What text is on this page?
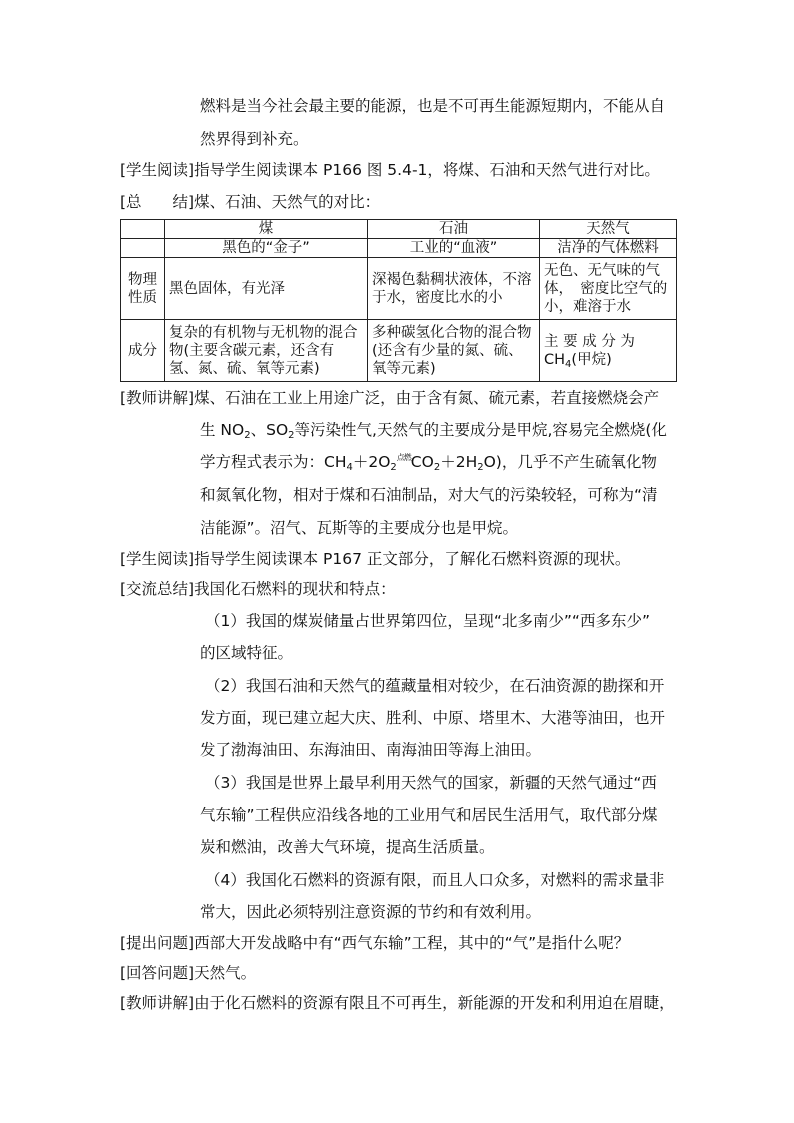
燃料是当今社会最主要的能源，也是不可再生能源短期内，不能从自
然界得到补充。
[学生阅读]指导学生阅读课本 P166 图 5.4-1，将煤、石油和天然气进行对比。
[总　　结]煤、石油、天然气的对比：
	煤	石油	天然气
	黑色的“金子”	工业的“血液”	洁净的气体燃料
物理
性质	黑色固体，有光泽	深褐色黏稠状液体，不溶于水，密度比水的小	无色、无气味的气体，　密度比空气的小，难溶于水
成分	复杂的有机物与无机物的混合物(主要含碳元素，还含有氢、氮、硫、氧等元素)	多种碳氢化合物的混合物(还含有少量的氮、硫、氧等元素)	主 要 成 分 为
$CH_4$(甲烷)
[教师讲解]煤、石油在工业上用途广泛，由于含有氮、硫元素，若直接燃烧会产
生 $NO_2$、$SO_2$等污染性气,天然气的主要成分是甲烷,容易完全燃烧(化
学方程式表示为：$CH_4+2O_2^{点燃}CO_2+2H_2O$)，几乎不产生硫氧化物
和氮氧化物，相对于煤和石油制品，对大气的污染较轻，可称为“清
洁能源”。沼气、瓦斯等的主要成分也是甲烷。
[学生阅读]指导学生阅读课本 P167 正文部分，了解化石燃料资源的现状。
[交流总结]我国化石燃料的现状和特点：
（1）我国的煤炭储量占世界第四位，呈现“北多南少”“西多东少”
的区域特征。
（2）我国石油和天然气的蕴藏量相对较少，在石油资源的勘探和开
发方面，现已建立起大庆、胜利、中原、塔里木、大港等油田，也开
发了渤海油田、东海油田、南海油田等海上油田。
（3）我国是世界上最早利用天然气的国家，新疆的天然气通过“西
气东输”工程供应沿线各地的工业用气和居民生活用气，取代部分煤
炭和燃油，改善大气环境，提高生活质量。
（4）我国化石燃料的资源有限，而且人口众多，对燃料的需求量非
常大，因此必须特别注意资源的节约和有效利用。
[提出问题]西部大开发战略中有“西气东输”工程，其中的“气”是指什么呢？
[回答问题]天然气。
[教师讲解]由于化石燃料的资源有限且不可再生，新能源的开发和利用迫在眉睫，
